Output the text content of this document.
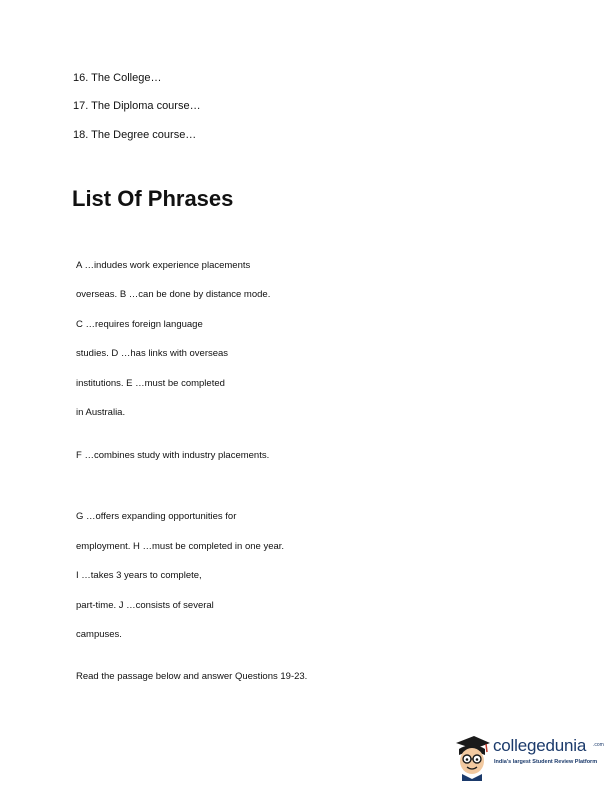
16. The College…
17. The Diploma course…
18. The Degree course…
List Of Phrases
A …indudes work experience placements
overseas. B …can be done by distance mode.
C …requires foreign language
studies. D …has links with overseas
institutions. E …must be completed
in Australia.
F …combines study with industry placements.
G …offers expanding opportunities for
employment. H …must be completed in one year.
I …takes 3 years to complete,
part-time. J …consists of several
campuses.
Read the passage below and answer Questions 19-23.
collegedunia .com
India's largest Student Review Platform
